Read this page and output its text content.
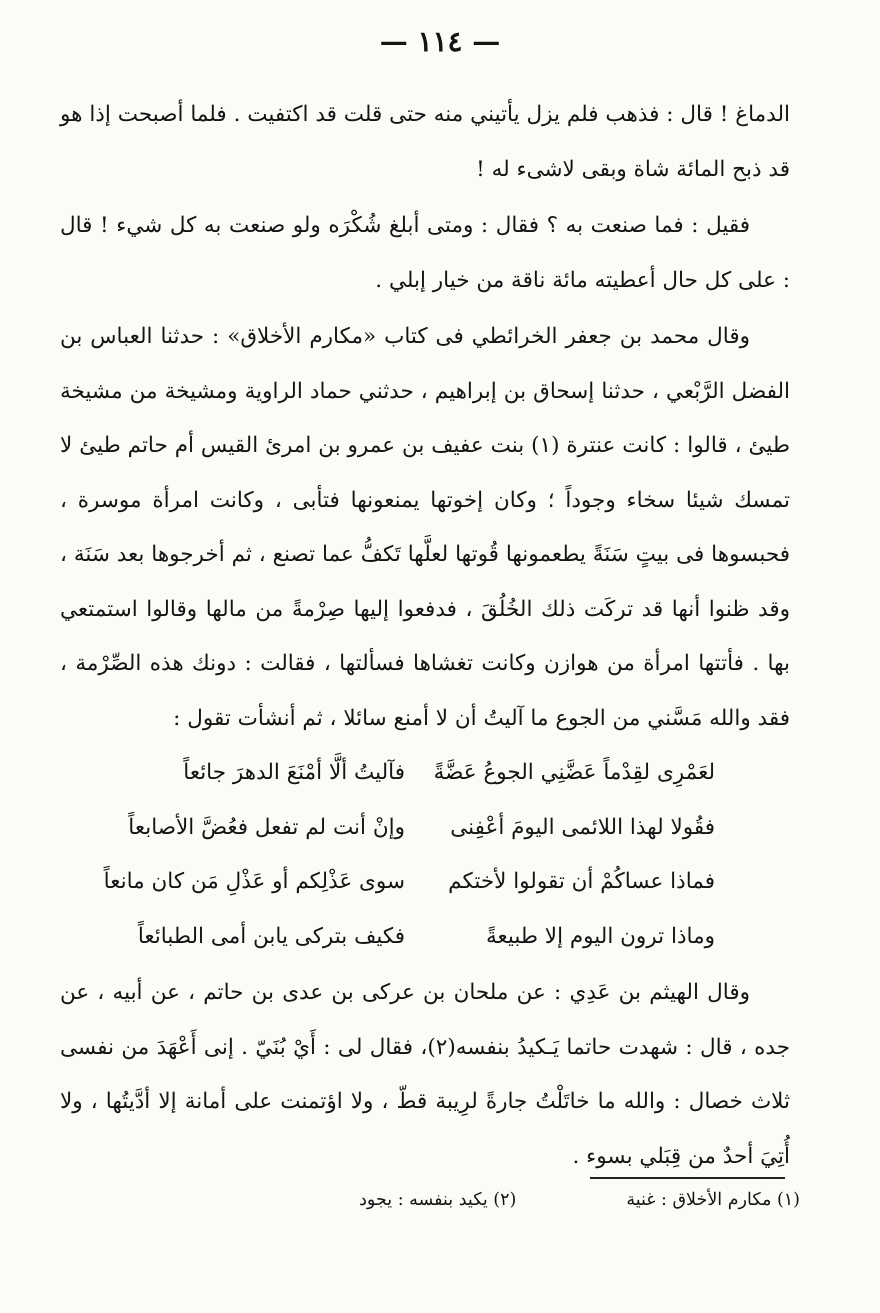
— ١١٤ —

الدماغ ! قال : فذهب فلم يزل يأتيني منه حتى قلت قد اكتفيت . فلما أصبحت إذا هو قد ذبح المائة شاة وبقى لاشىء له !

فقيل : فما صنعت به ؟ فقال : ومتى أبلغ شُكْرَه ولو صنعت به كل شيء ! قال : على كل حال أعطيته مائة ناقة من خيار إبلي .

وقال محمد بن جعفر الخرائطي فى كتاب «مكارم الأخلاق» : حدثنا العباس بن الفضل الرَّبْعي ، حدثنا إسحاق بن إبراهيم ، حدثني حماد الراوية ومشيخة من مشيخة طيئ ، قالوا : كانت عنترة (١) بنت عفيف بن عمرو بن امرئ القيس أم حاتم طيئ لا تمسك شيئا سخاء وجوداً ؛ وكان إخوتها يمنعونها فتأبى ، وكانت امرأة موسرة ، فحبسوها فى بيتٍ سَنَةً يطعمونها قُوتها لعلَّها تَكفُّ عما تصنع ، ثم أخرجوها بعد سَنَة ، وقد ظنوا أنها قد تركَت ذلك الخُلُقَ ، فدفعوا إليها صِرْمةً من مالها وقالوا استمتعي بها . فأتتها امرأة من هوازن وكانت تغشاها فسألتها ، فقالت : دونك هذه الصِّرْمة ، فقد والله مَسَّني من الجوع ما آليتُ أن لا أمنع سائلا ، ثم أنشأت تقول :

لعَمْرِى لقِدْماً عَضَّنِي الجوعُ عَضَّةً
فآليتُ ألَّا أمْنَعَ الدهرَ جائعاً
فقُولا لهذا اللائمى اليومَ أعْفِنى
وإنْ أنت لم تفعل فعُضَّ الأصابعاً
فماذا عساكُمْ أن تقولوا لأختكم
سوى عَذْلِكم أو عَذْلِ مَن كان مانعاً
وماذا ترون اليوم إلا طبيعةً
فكيف بتركى يابن أمى الطبائعاً

وقال الهيثم بن عَدِي : عن ملحان بن عركى بن عدى بن حاتم ، عن أبيه ، عن جده ، قال : شهدت حاتما يَـكيدُ بنفسه(٢)، فقال لى : أَيْ بُنَيّ . إنى أَعْهَدَ من نفسى ثلاث خصال : والله ما خاتَلْتُ جارةً لرِيبة قطّ ، ولا اؤتمنت على أمانة إلا أدَّيتُها ، ولا أُتِيَ أحدٌ من قِبَلي بسوء .

(١) مكارم الأخلاق : غنية
(٢) يكيد بنفسه : يجود
